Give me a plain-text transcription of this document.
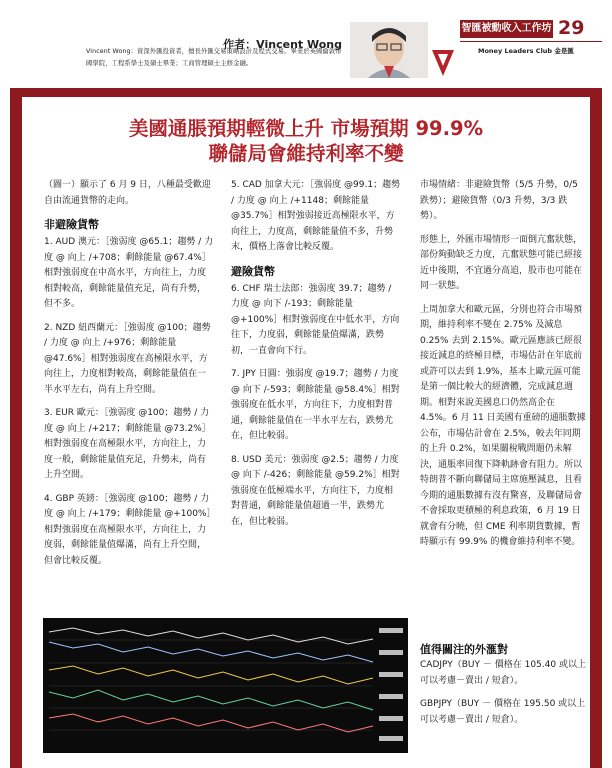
作者：Vincent Wong
Vincent Wong：資深外匯投資者，擅長外匯交易策略設計及程式交易。畢業於英國倫敦帝國學院，工程系學士及碩士畢業；工商管理碩士主修金融。
智匯被動收入工作坊 29
Money Leaders Club 金是匯
美國通脹預期輕微上升 市場預期 99.9%
聯儲局會維持利率不變

（圖一）顯示了 6 月 9 日，八種最受歡迎自由流通貨幣的走向。

非避險貨幣

1. AUD 澳元：［強弱度 @65.1；趨勢 / 力度 @ 向上 /+708；剩餘能量 @67.4%］相對強弱度在中高水平，方向往上，力度相對較高，剩餘能量值充足，尚有升勢，但不多。

2. NZD 紐西蘭元：［強弱度 @100；趨勢 / 力度 @ 向上 /+976；剩餘能量 @47.6%］相對強弱度在高極限水平，方向往上，力度相對較高，剩餘能量值在一半水平左右，尚有上升空間。

3. EUR 歐元：［強弱度 @100；趨勢 / 力度 @ 向上 /+217；剩餘能量 @73.2%］相對強弱度在高極限水平，方向往上，力度一般，剩餘能量值充足，升勢未，尚有上升空間。

4. GBP 英鎊：［強弱度 @100；趨勢 / 力度 @ 向上 /+179；剩餘能量 @+100%］相對強弱度在高極限水平，方向往上，力度弱，剩餘能量值爆滿，尚有上升空間，但會比較反覆。

5. CAD 加拿大元：［強弱度 @99.1；趨勢 / 力度 @ 向上 /+1148；剩餘能量 @35.7%］相對強弱接近高極限水平，方向往上，力度高，剩餘能量值不多，升勢末，價格上落會比較反覆。

避險貨幣

6. CHF 瑞士法郎：強弱度 39.7；趨勢 / 力度 @ 向下 /-193；剩餘能量 @+100%］相對強弱度在中低水平，方向往下，力度弱，剩餘能量值爆滿，跌勢初，一直會向下行。

7. JPY 日圓：強弱度 @19.7；趨勢 / 力度 @ 向下 /-593；剩餘能量 @58.4%］相對強弱度在低水平，方向往下，力度相對普通，剩餘能量值在一半水平左右，跌勢尤在，但比較弱。

8. USD 美元：強弱度 @2.5；趨勢 / 力度 @ 向下 /-426；剩餘能量 @59.2%］相對強弱度在低極端水平，方向往下，力度相對普通，剩餘能量值超過一半，跌勢尤在，但比較弱。

市場情緒：非避險貨幣（5/5 升勢，0/5 跌勢）；避險貨幣（0/3 升勢，3/3 跌勢）。

形態上，外匯市場情形一面倒亢奮狀態，部份夠動缺乏力度，亢奮狀態可能已經接近中後期，不宜過分高追，股市也可能在同一狀態。

上周加拿大和歐元區，分別也符合市場預期，維持利率不變在 2.75% 及減息 0.25% 去到 2.15%。歐元區應該已經很接近減息的終極目標，市場估計在年底前或許可以去到 1.9%，基本上歐元區可能是第一個比較大的經濟體，完成減息週期。相對來說美國息口仍然高企在 4.5%。6 月 11 日美國有重磅的通脹數據公布，市場估計會在 2.5%，較去年同期的上升 0.2%，如果關稅戰問題仍未解決，通脹率回復下降軌跡會有阻力。所以特朗普不斷向聯儲局主席施壓減息，且看今期的通脹數據有沒有驚喜，及聯儲局會不會採取更積極的利息政策，6 月 19 日就會有分曉，但 CME 利率期貨數據，暫時顯示有 99.9% 的機會維持利率不變。

值得關注的外滙對

CADJPY（BUY － 價格在 105.40 或以上可以考慮－賣出 / 短倉）。

GBPJPY（BUY － 價格在 195.50 或以上可以考慮－賣出 / 短倉）。
